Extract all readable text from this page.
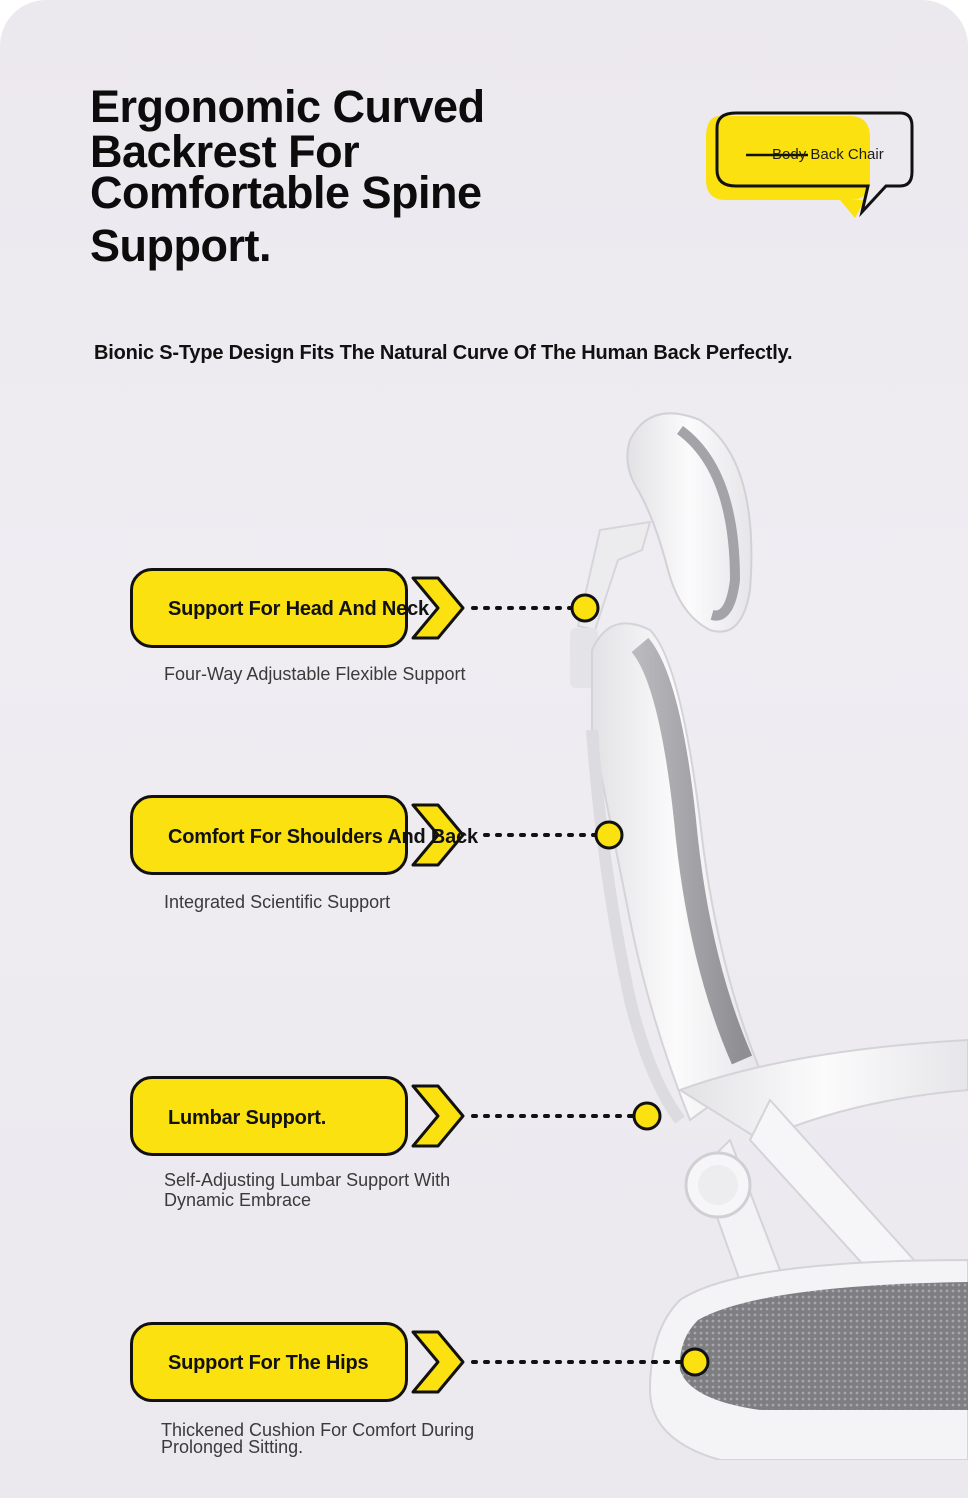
Ergonomic Curved
Backrest For
Comfortable Spine
Support.

Bionic S-Type Design Fits The Natural Curve Of The Human Back Perfectly.

Body Back Chair
Support For Head And Neck
Four-Way Adjustable Flexible Support
Comfort For Shoulders And Back
Integrated Scientific Support
Lumbar Support.
Self-Adjusting Lumbar Support With Dynamic Embrace
Support For The Hips
Thickened Cushion For Comfort During Prolonged Sitting.
